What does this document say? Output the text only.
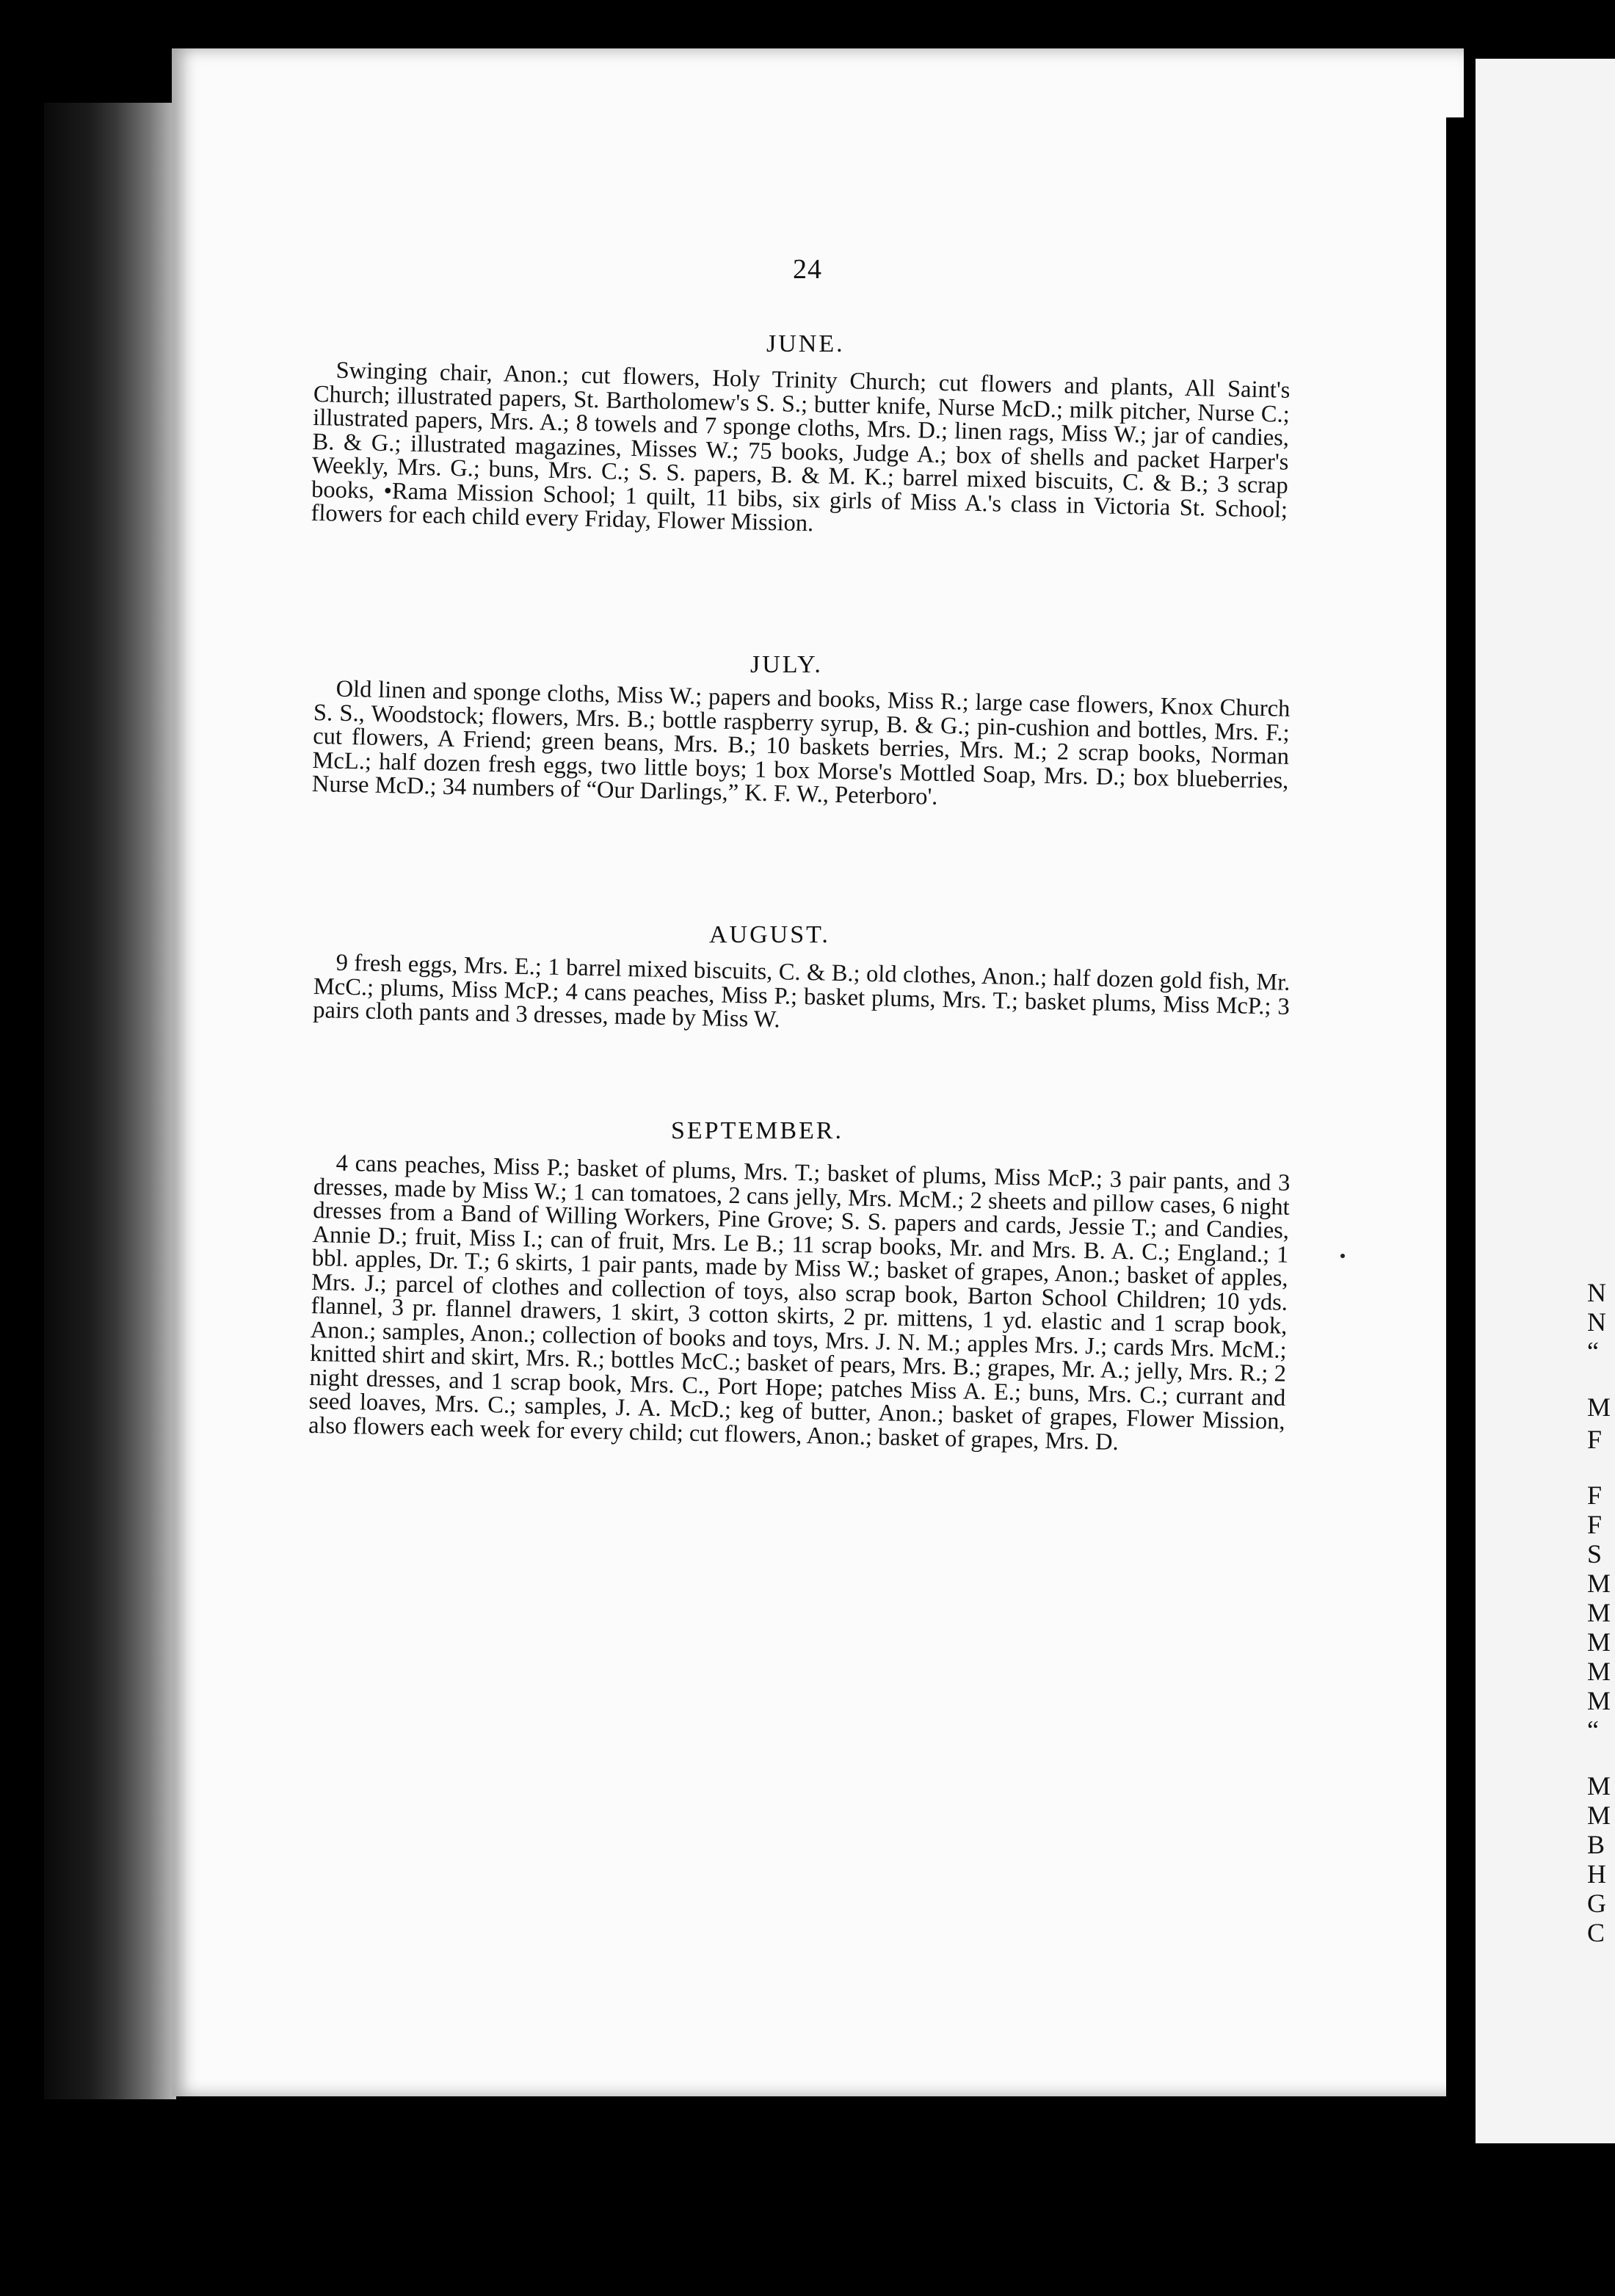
24
JUNE.
Swinging chair, Anon.; cut flowers, Holy Trinity Church; cut flowers and plants, All Saint's Church; illustrated papers, St. Bartholomew's S. S.; butter knife, Nurse McD.; milk pitcher, Nurse C.; illustrated papers, Mrs. A.; 8 towels and 7 sponge cloths, Mrs. D.; linen rags, Miss W.; jar of candies, B. & G.; illustrated magazines, Misses W.; 75 books, Judge A.; box of shells and packet Harper's Weekly, Mrs. G.; buns, Mrs. C.; S. S. papers, B. & M. K.; barrel mixed biscuits, C. & B.; 3 scrap books, •Rama Mission School; 1 quilt, 11 bibs, six girls of Miss A.'s class in Victoria St. School; flowers for each child every Friday, Flower Mission.
JULY.
Old linen and sponge cloths, Miss W.; papers and books, Miss R.; large case flowers, Knox Church S. S., Woodstock; flowers, Mrs. B.; bottle raspberry syrup, B. & G.; pin-cushion and bottles, Mrs. F.; cut flowers, A Friend; green beans, Mrs. B.; 10 baskets berries, Mrs. M.; 2 scrap books, Norman McL.; half dozen fresh eggs, two little boys; 1 box Morse's Mottled Soap, Mrs. D.; box blueberries, Nurse McD.; 34 numbers of “Our Darlings,” K. F. W., Peterboro'.
AUGUST.
9 fresh eggs, Mrs. E.; 1 barrel mixed biscuits, C. & B.; old clothes, Anon.; half dozen gold fish, Mr. McC.; plums, Miss McP.; 4 cans peaches, Miss P.; basket plums, Mrs. T.; basket plums, Miss McP.; 3 pairs cloth pants and 3 dresses, made by Miss W.
SEPTEMBER.
4 cans peaches, Miss P.; basket of plums, Mrs. T.; basket of plums, Miss McP.; 3 pair pants, and 3 dresses, made by Miss W.; 1 can tomatoes, 2 cans jelly, Mrs. McM.; 2 sheets and pillow cases, 6 night dresses from a Band of Willing Workers, Pine Grove; S. S. papers and cards, Jessie T.; and Candies, Annie D.; fruit, Miss I.; can of fruit, Mrs. Le B.; 11 scrap books, Mr. and Mrs. B. A. C.; England.; 1 bbl. apples, Dr. T.; 6 skirts, 1 pair pants, made by Miss W.; basket of grapes, Anon.; basket of apples, Mrs. J.; parcel of clothes and collection of toys, also scrap book, Barton School Children; 10 yds. flannel, 3 pr. flannel drawers, 1 skirt, 3 cotton skirts, 2 pr. mittens, 1 yd. elastic and 1 scrap book, Anon.; samples, Anon.; collection of books and toys, Mrs. J. N. M.; apples Mrs. J.; cards Mrs. McM.; knitted shirt and skirt, Mrs. R.; bottles McC.; basket of pears, Mrs. B.; grapes, Mr. A.; jelly, Mrs. R.; 2 night dresses, and 1 scrap book, Mrs. C., Port Hope; patches Miss A. E.; buns, Mrs. C.; currant and seed loaves, Mrs. C.; samples, J. A. McD.; keg of butter, Anon.; basket of grapes, Flower Mission, also flowers each week for every child; cut flowers, Anon.; basket of grapes, Mrs. D.
N
N
“
M
F
F
F
S
M
M
M
M
M
“
M
M
B
H
G
C
